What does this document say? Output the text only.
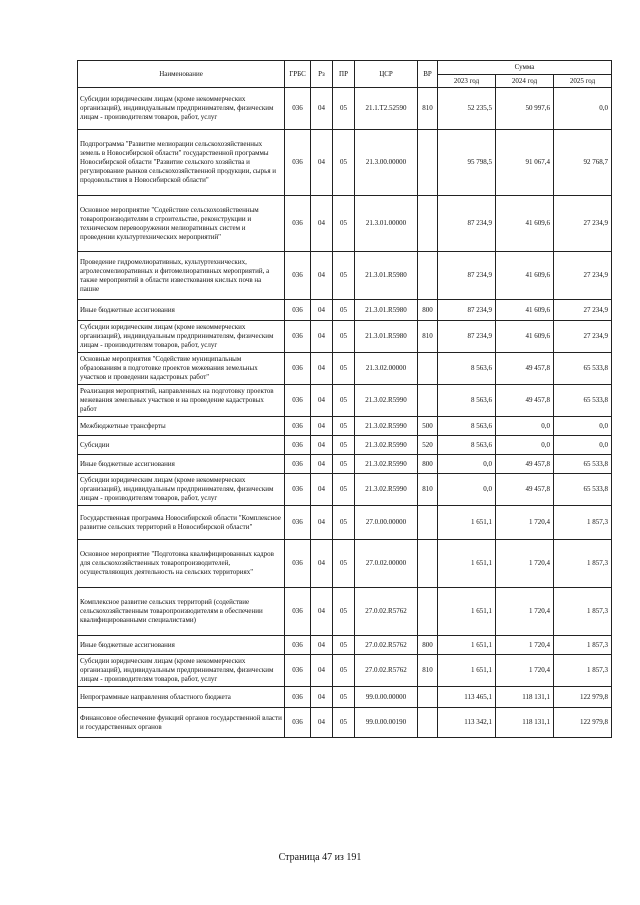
Наименование	ГРБС	Рз	ПР	ЦСР	ВР	Сумма		
						2023 год	2024 год	2025 год
Субсидии юридическим лицам (кроме некоммерческих организаций), индивидуальным предпринимателям, физическим лицам - производителям товаров, работ, услуг	036	04	05	21.1.Т2.52590	810	52 235,5	50 997,6	0,0
Подпрограмма "Развитие мелиорации сельскохозяйственных земель в Новосибирской области" государственной программы Новосибирской области "Развитие сельского хозяйства и регулирование рынков сельскохозяйственной продукции, сырья и продовольствия в Новосибирской области"	036	04	05	21.3.00.00000		95 798,5	91 067,4	92 768,7
Основное мероприятие "Содействие сельскохозяйственным товаропроизводителям в строительстве, реконструкции и техническом перевооружении мелиоративных систем и проведении культуртехнических мероприятий"	036	04	05	21.3.01.00000		87 234,9	41 609,6	27 234,9
Проведение гидромелиоративных, культуртехнических, агролесомелиоративных и фитомелиоративных мероприятий, а также мероприятий в области известкования кислых почв на пашне	036	04	05	21.3.01.R5980		87 234,9	41 609,6	27 234,9
Иные бюджетные ассигнования	036	04	05	21.3.01.R5980	800	87 234,9	41 609,6	27 234,9
Субсидии юридическим лицам (кроме некоммерческих организаций), индивидуальным предпринимателям, физическим лицам - производителям товаров, работ, услуг	036	04	05	21.3.01.R5980	810	87 234,9	41 609,6	27 234,9
Основные мероприятия "Содействие муниципальным образованиям в подготовке проектов межевания земельных участков и проведении кадастровых работ"	036	04	05	21.3.02.00000		8 563,6	49 457,8	65 533,8
Реализация мероприятий, направленных на подготовку проектов межевания земельных участков и на проведение кадастровых работ	036	04	05	21.3.02.R5990		8 563,6	49 457,8	65 533,8
Межбюджетные трансферты	036	04	05	21.3.02.R5990	500	8 563,6	0,0	0,0
Субсидии	036	04	05	21.3.02.R5990	520	8 563,6	0,0	0,0
Иные бюджетные ассигнования	036	04	05	21.3.02.R5990	800	0,0	49 457,8	65 533,8
Субсидии юридическим лицам (кроме некоммерческих организаций), индивидуальным предпринимателям, физическим лицам - производителям товаров, работ, услуг	036	04	05	21.3.02.R5990	810	0,0	49 457,8	65 533,8
Государственная программа Новосибирской области "Комплексное развитие сельских территорий в Новосибирской области"	036	04	05	27.0.00.00000		1 651,1	1 720,4	1 857,3
Основное мероприятие "Подготовка квалифицированных кадров для сельскохозяйственных товаропроизводителей, осуществляющих деятельность на сельских территориях"	036	04	05	27.0.02.00000		1 651,1	1 720,4	1 857,3
Комплексное развитие сельских территорий (содействие сельскохозяйственным товаропроизводителям в обеспечении квалифицированными специалистами)	036	04	05	27.0.02.R5762		1 651,1	1 720,4	1 857,3
Иные бюджетные ассигнования	036	04	05	27.0.02.R5762	800	1 651,1	1 720,4	1 857,3
Субсидии юридическим лицам (кроме некоммерческих организаций), индивидуальным предпринимателям, физическим лицам - производителям товаров, работ, услуг	036	04	05	27.0.02.R5762	810	1 651,1	1 720,4	1 857,3
Непрограммные направления областного бюджета	036	04	05	99.0.00.00000		113 465,1	118 131,1	122 979,8
Финансовое обеспечение функций органов государственной власти и государственных органов	036	04	05	99.0.00.00190		113 342,1	118 131,1	122 979,8
Страница 47 из 191
